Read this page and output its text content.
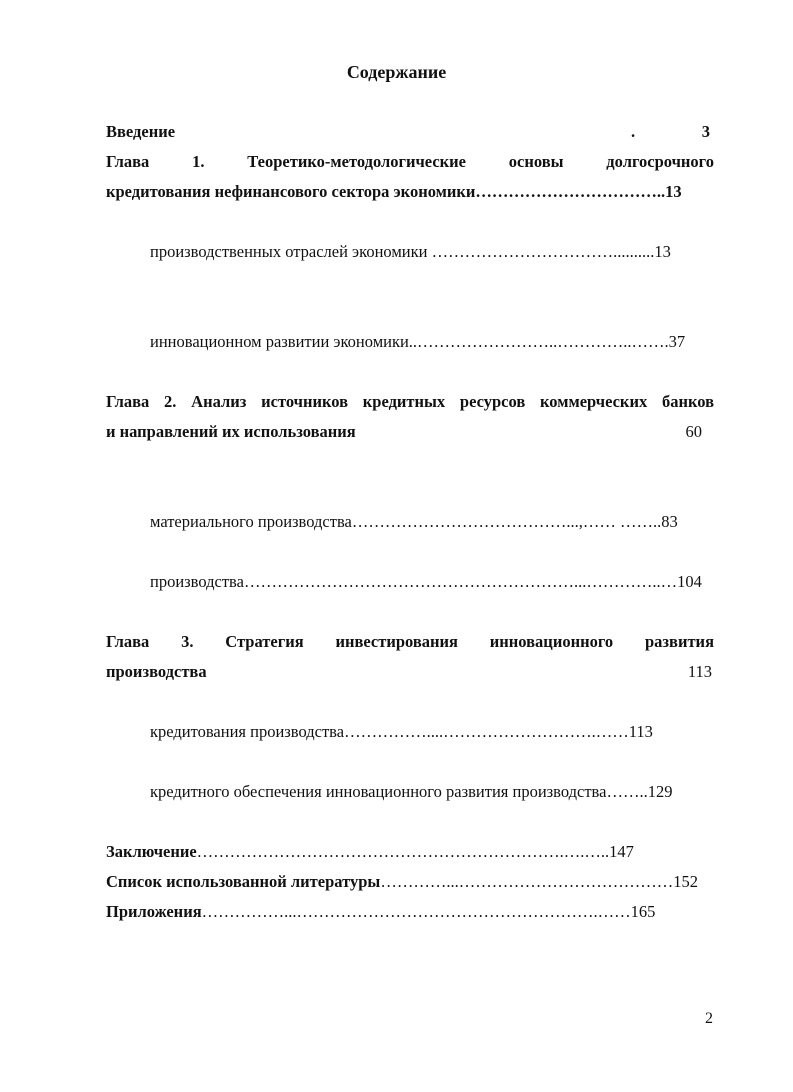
Содержание
Введение	.	3
Глава 1. Теоретико-методологические основы долгосрочного
кредитования нефинансового сектора экономики……………………………..13
производственных отраслей экономики ……………………………..........13
инновационном развитии экономики..……………………..…………..…….37
Глава 2. Анализ источников кредитных ресурсов коммерческих банков
и направлений их использования	60
материального производства…………………………………...,…… ……..83
производства……………………………………………………...…………..…104
Глава 3. Стратегия инвестирования инновационного развития
производства	113
кредитования производства……………....……………………….……113
кредитного обеспечения инновационного развития производства……..129
Заключение………………………………………………………….….…..147
Список использованной литературы…………...…………………………………152
Приложения……………...……………………………………………….……165
2
